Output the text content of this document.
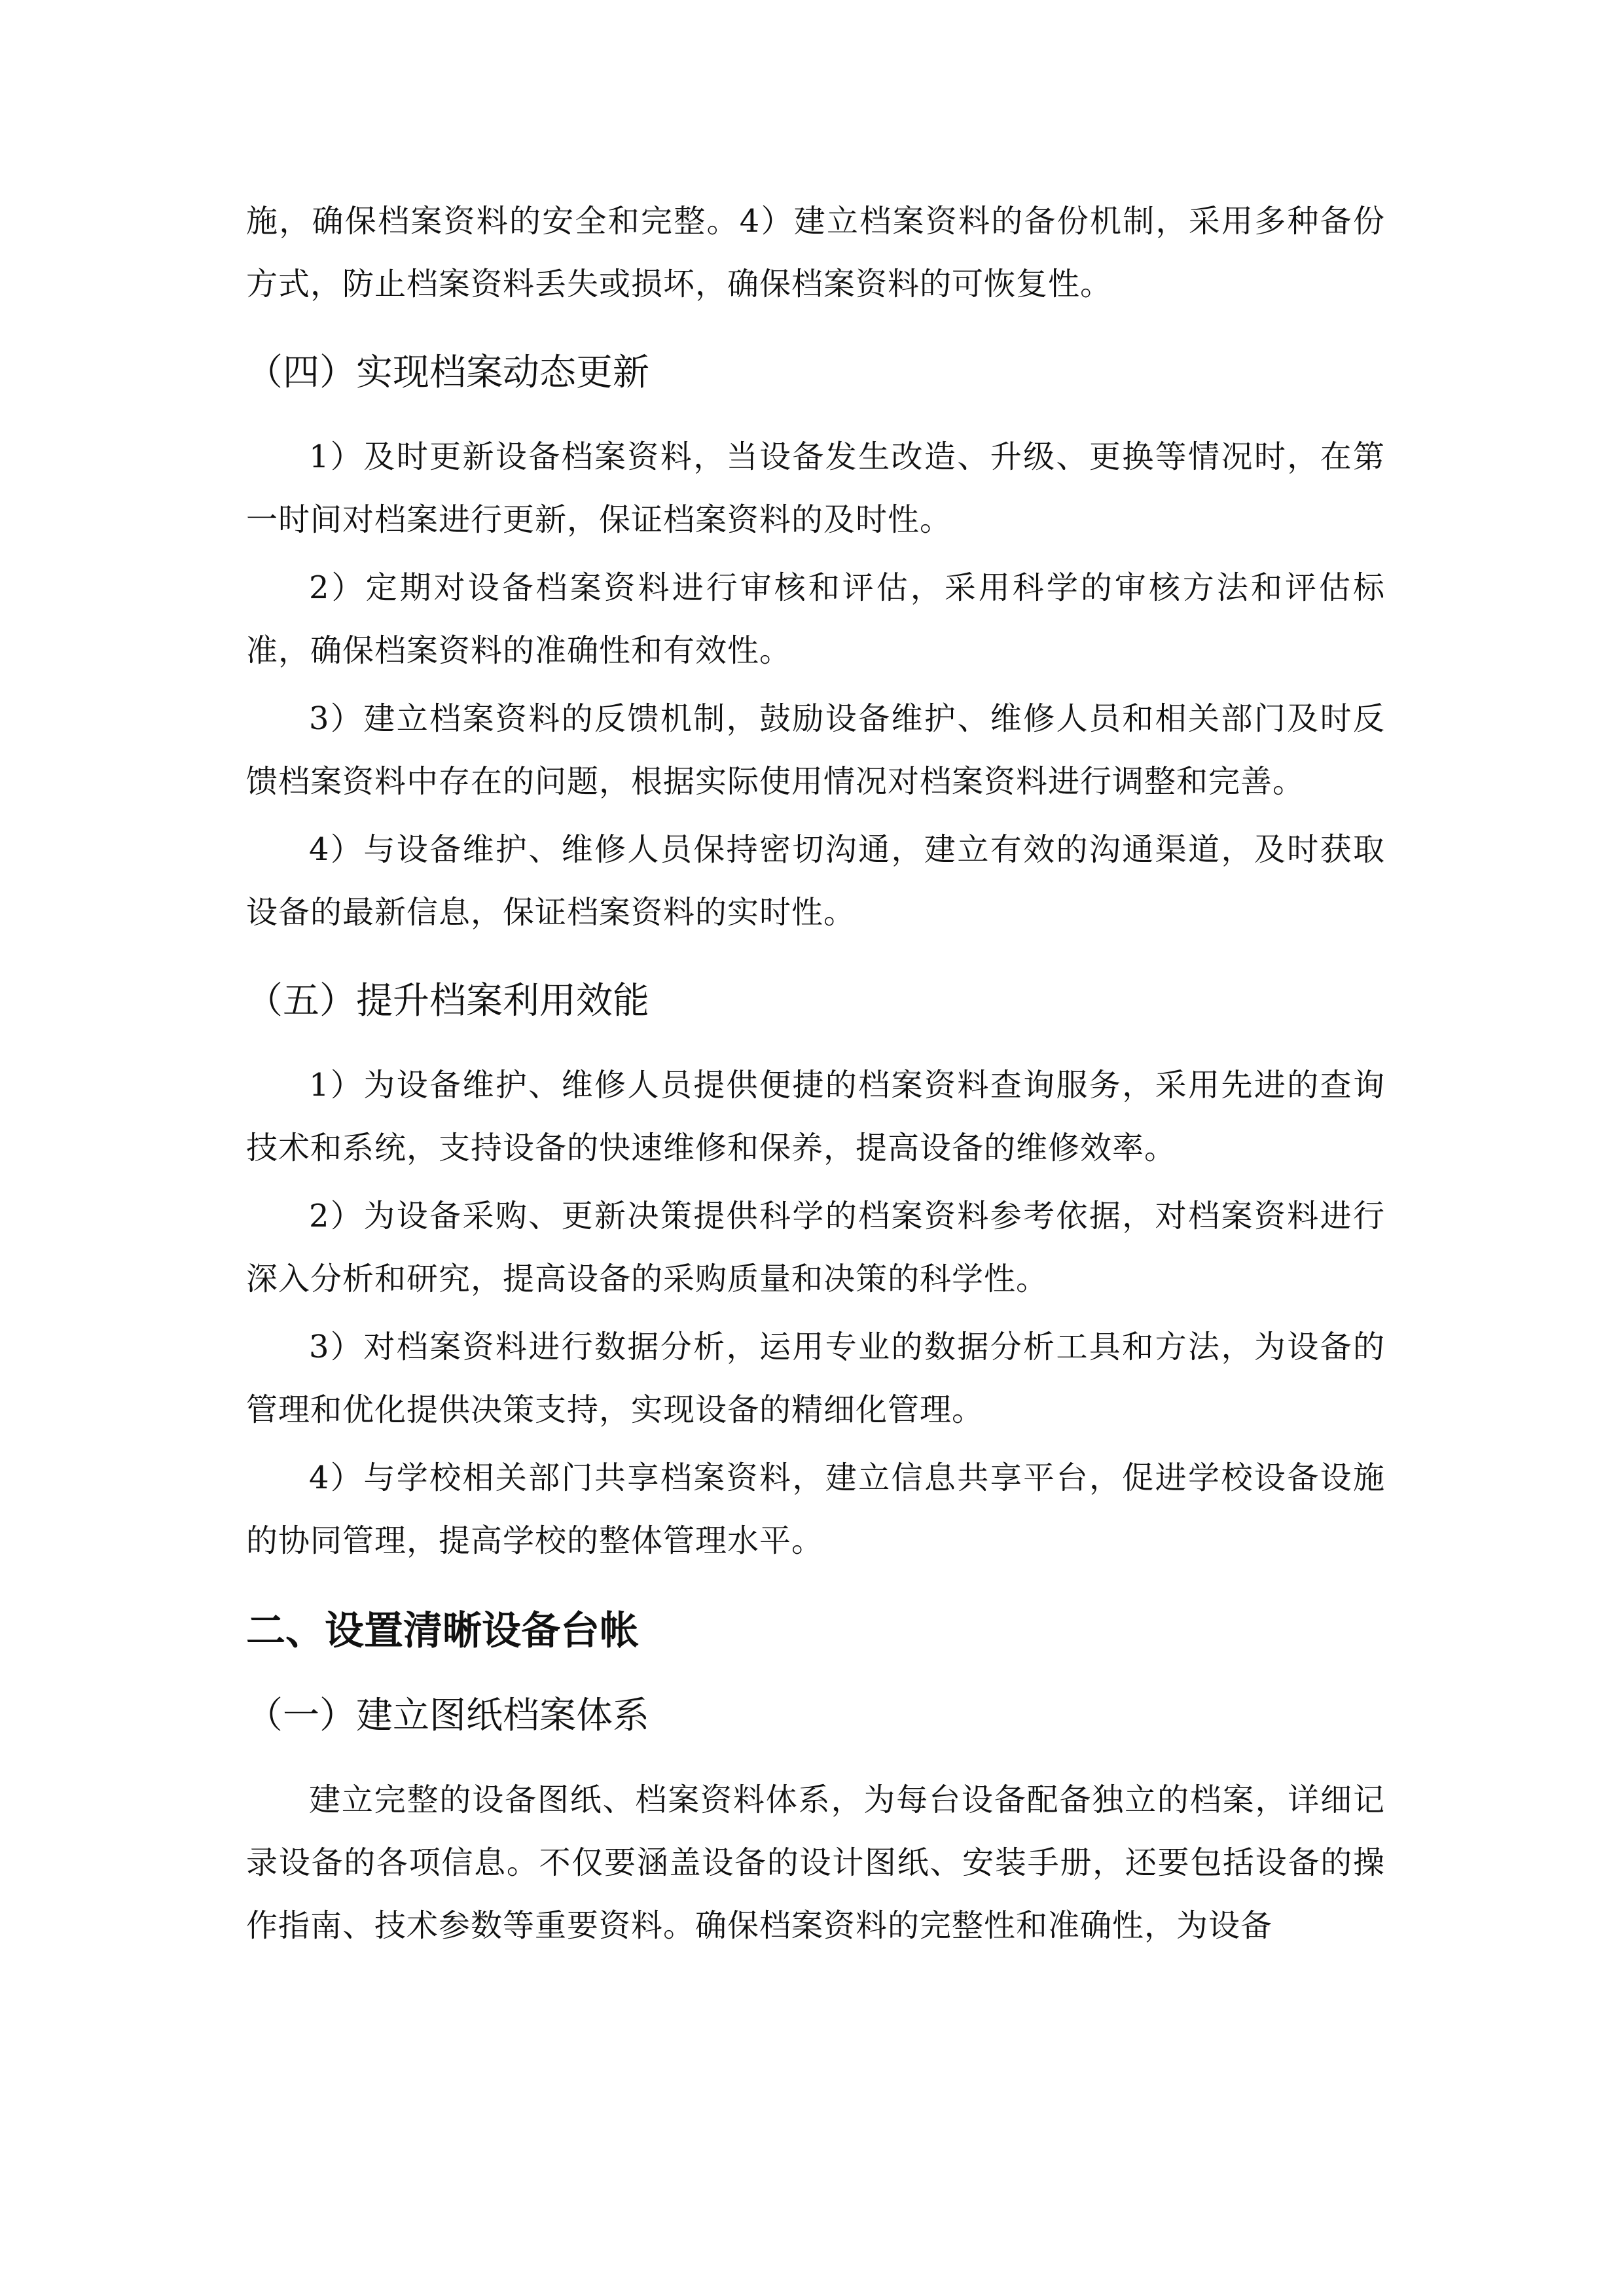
施，确保档案资料的安全和完整。4）建立档案资料的备份机制，采用多种备份方式，防止档案资料丢失或损坏，确保档案资料的可恢复性。

（四）实现档案动态更新

1）及时更新设备档案资料，当设备发生改造、升级、更换等情况时，在第一时间对档案进行更新，保证档案资料的及时性。

2）定期对设备档案资料进行审核和评估，采用科学的审核方法和评估标准，确保档案资料的准确性和有效性。

3）建立档案资料的反馈机制，鼓励设备维护、维修人员和相关部门及时反馈档案资料中存在的问题，根据实际使用情况对档案资料进行调整和完善。

4）与设备维护、维修人员保持密切沟通，建立有效的沟通渠道，及时获取设备的最新信息，保证档案资料的实时性。

（五）提升档案利用效能

1）为设备维护、维修人员提供便捷的档案资料查询服务，采用先进的查询技术和系统，支持设备的快速维修和保养，提高设备的维修效率。

2）为设备采购、更新决策提供科学的档案资料参考依据，对档案资料进行深入分析和研究，提高设备的采购质量和决策的科学性。

3）对档案资料进行数据分析，运用专业的数据分析工具和方法，为设备的管理和优化提供决策支持，实现设备的精细化管理。

4）与学校相关部门共享档案资料，建立信息共享平台，促进学校设备设施的协同管理，提高学校的整体管理水平。

二、设置清晰设备台帐
（一）建立图纸档案体系

建立完整的设备图纸、档案资料体系，为每台设备配备独立的档案，详细记录设备的各项信息。不仅要涵盖设备的设计图纸、安装手册，还要包括设备的操作指南、技术参数等重要资料。确保档案资料的完整性和准确性，为设备
